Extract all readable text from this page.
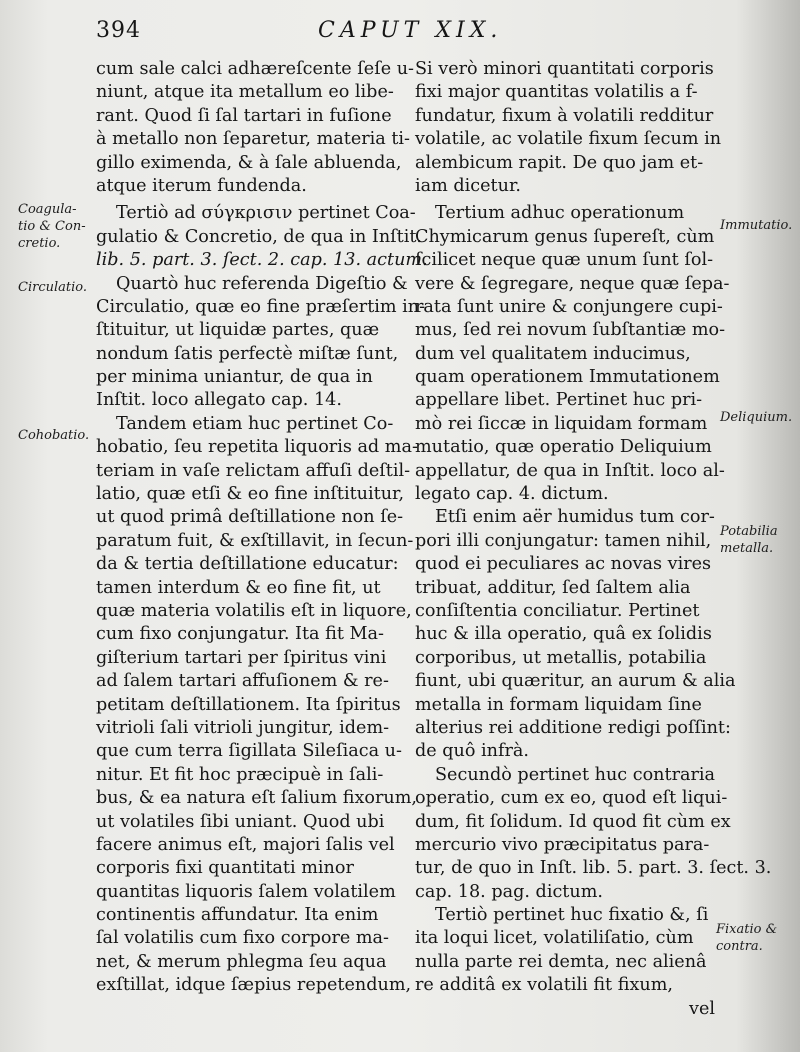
394	CAPUT XIX.
Coagula-
tio & Con-
cretio.
Circulatio.
Cohobatio.
Immutatio.
Deliquium.
Potabilia
metalla.
Fixatio &
contra.
cum sale calci adhæreſcente ſeſe u-
niunt, atque ita metallum eo libe-
rant. Quod ſi ſal tartari in fuſione
à metallo non ſeparetur, materia ti-
gillo eximenda, & à ſale abluenda,
atque iterum fundenda.
Tertiò ad σύγκρισιν pertinet Coa-
gulatio & Concretio, de qua in Inſtit.
lib. 5. part. 3. ſect. 2. cap. 13. actum.
Quartò huc referenda Digeſtio &
Circulatio, quæ eo fine præſertim in-
ſtituitur, ut liquidæ partes, quæ
nondum ſatis perfectè miſtæ ſunt,
per minima uniantur, de qua in
Inſtit. loco allegato cap. 14.
Tandem etiam huc pertinet Co-
hobatio, ſeu repetita liquoris ad ma-
teriam in vaſe relictam affuſi deſtil-
latio, quæ etſi & eo fine inſtituitur,
ut quod primâ deſtillatione non ſe-
paratum fuit, & exſtillavit, in ſecun-
da & tertia deſtillatione educatur:
tamen interdum & eo fine fit, ut
quæ materia volatilis eſt in liquore,
cum fixo conjungatur. Ita fit Ma-
giſterium tartari per ſpiritus vini
ad ſalem tartari affuſionem & re-
petitam deſtillationem. Ita ſpiritus
vitrioli ſali vitrioli jungitur, idem-
que cum terra ſigillata Sileſiaca u-
nitur. Et fit hoc præcipuè in ſali-
bus, & ea natura eſt ſalium fixorum,
ut volatiles ſibi uniant. Quod ubi
facere animus eſt, majori ſalis vel
corporis fixi quantitati minor
quantitas liquoris ſalem volatilem
continentis affundatur. Ita enim
ſal volatilis cum fixo corpore ma-
net, & merum phlegma ſeu aqua
exſtillat, idque ſæpius repetendum,
Si verò minori quantitati corporis
fixi major quantitas volatilis a f-
fundatur, fixum à volatili redditur
volatile, ac volatile fixum ſecum in
alembicum rapit. De quo jam et-
iam dicetur.
Tertium adhuc operationum
Chymicarum genus ſupereſt, cùm
ſcilicet neque quæ unum ſunt ſol-
vere & ſegregare, neque quæ ſepa-
rata ſunt unire & conjungere cupi-
mus, ſed rei novum ſubſtantiæ mo-
dum vel qualitatem inducimus,
quam operationem Immutationem
appellare libet. Pertinet huc pri-
mò rei ſiccæ in liquidam formam
mutatio, quæ operatio Deliquium
appellatur, de qua in Inſtit. loco al-
legato cap. 4. dictum.
Etſi enim aër humidus tum cor-
pori illi conjungatur: tamen nihil,
quod ei peculiares ac novas vires
tribuat, additur, ſed ſaltem alia
conſiſtentia conciliatur. Pertinet
huc & illa operatio, quâ ex ſolidis
corporibus, ut metallis, potabilia
fiunt, ubi quæritur, an aurum & alia
metalla in formam liquidam ſine
alterius rei additione redigi poſſint:
de quô infrà.
Secundò pertinet huc contraria
operatio, cum ex eo, quod eſt liqui-
dum, fit ſolidum. Id quod fit cùm ex
mercurio vivo præcipitatus para-
tur, de quo in Inſt. lib. 5. part. 3. ſect. 3.
cap. 18. pag. dictum.
Tertiò pertinet huc fixatio &, ſi
ita loqui licet, volatiliſatio, cùm
nulla parte rei demta, nec alienâ
re additâ ex volatili fit fixum,
vel
